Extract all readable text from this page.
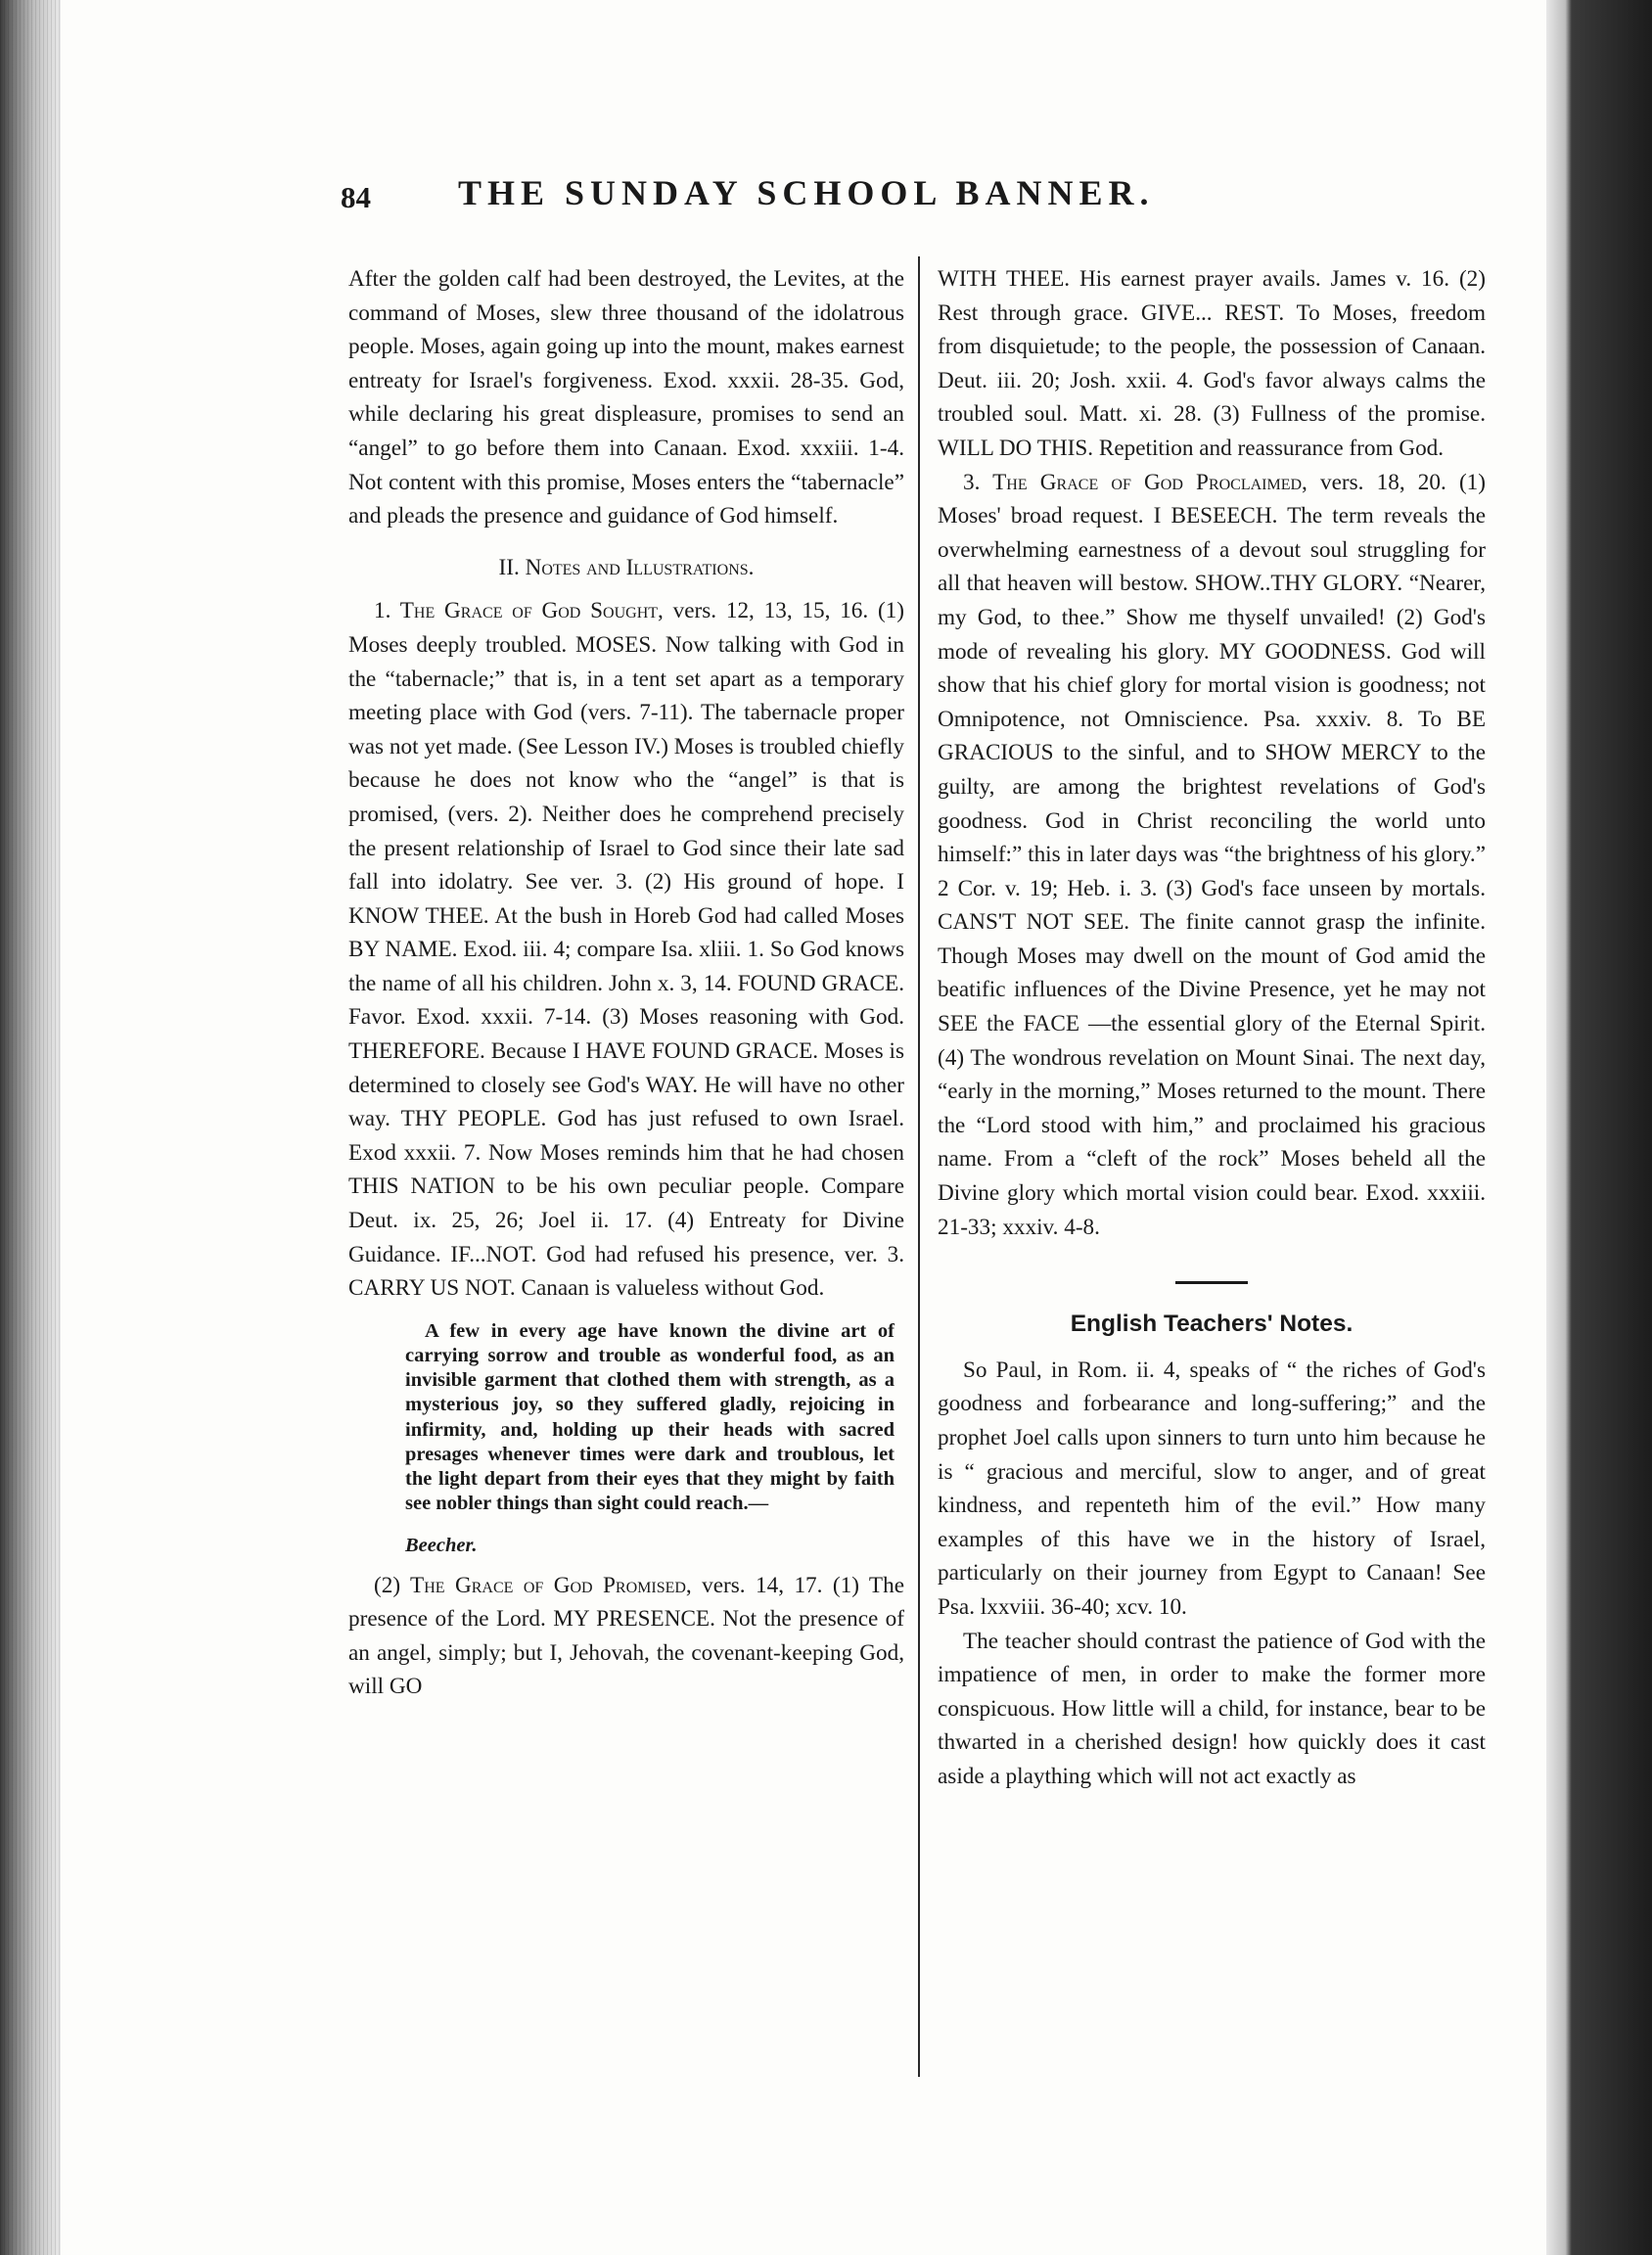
84 THE SUNDAY SCHOOL BANNER.

After the golden calf had been destroyed, the Levites, at the command of Moses, slew three thousand of the idolatrous people. Moses, again going up into the mount, makes earnest entreaty for Israel's forgiveness. Exod. xxxii. 28-35. God, while declaring his great displeasure, promises to send an “angel” to go before them into Canaan. Exod. xxxiii. 1-4. Not content with this promise, Moses enters the “tabernacle” and pleads the presence and guidance of God himself.

II. Notes and Illustrations.

1. The Grace of God Sought, vers. 12, 13, 15, 16. (1) Moses deeply troubled. MOSES. Now talking with God in the “tabernacle;” that is, in a tent set apart as a temporary meeting place with God (vers. 7-11). The tabernacle proper was not yet made. (See Lesson IV.) Moses is troubled chiefly because he does not know who the “angel” is that is promised, (vers. 2). Neither does he comprehend precisely the present relationship of Israel to God since their late sad fall into idolatry. See ver. 3. (2) His ground of hope. I KNOW THEE. At the bush in Horeb God had called Moses BY NAME. Exod. iii. 4; compare Isa. xliii. 1. So God knows the name of all his children. John x. 3, 14. FOUND GRACE. Favor. Exod. xxxii. 7-14. (3) Moses reasoning with God. THEREFORE. Because I HAVE FOUND GRACE. Moses is determined to closely see God's WAY. He will have no other way. THY PEOPLE. God has just refused to own Israel. Exod xxxii. 7. Now Moses reminds him that he had chosen THIS NATION to be his own peculiar people. Compare Deut. ix. 25, 26; Joel ii. 17. (4) Entreaty for Divine Guidance. IF...NOT. God had refused his presence, ver. 3. CARRY US NOT. Canaan is valueless without God.

A few in every age have known the divine art of carrying sorrow and trouble as wonderful food, as an invisible garment that clothed them with strength, as a mysterious joy, so they suffered gladly, rejoicing in infirmity, and, holding up their heads with sacred presages whenever times were dark and troublous, let the light depart from their eyes that they might by faith see nobler things than sight could reach.—

Beecher.

(2) The Grace of God Promised, vers. 14, 17. (1) The presence of the Lord. MY PRESENCE. Not the presence of an angel, simply; but I, Jehovah, the covenant-keeping God, will GO

WITH THEE. His earnest prayer avails. James v. 16. (2) Rest through grace. GIVE... REST. To Moses, freedom from disquietude; to the people, the possession of Canaan. Deut. iii. 20; Josh. xxii. 4. God's favor always calms the troubled soul. Matt. xi. 28. (3) Fullness of the promise. WILL DO THIS. Repetition and reassurance from God.

3. The Grace of God Proclaimed, vers. 18, 20. (1) Moses' broad request. I BESEECH. The term reveals the overwhelming earnestness of a devout soul struggling for all that heaven will bestow. SHOW..THY GLORY. “Nearer, my God, to thee.” Show me thyself unvailed! (2) God's mode of revealing his glory. MY GOODNESS. God will show that his chief glory for mortal vision is goodness; not Omnipotence, not Omniscience. Psa. xxxiv. 8. To BE GRACIOUS to the sinful, and to SHOW MERCY to the guilty, are among the brightest revelations of God's goodness. God in Christ reconciling the world unto himself:” this in later days was “the brightness of his glory.” 2 Cor. v. 19; Heb. i. 3. (3) God's face unseen by mortals. CANS'T NOT SEE. The finite cannot grasp the infinite. Though Moses may dwell on the mount of God amid the beatific influences of the Divine Presence, yet he may not SEE the FACE —the essential glory of the Eternal Spirit. (4) The wondrous revelation on Mount Sinai. The next day, “early in the morning,” Moses returned to the mount. There the “Lord stood with him,” and proclaimed his gracious name. From a “cleft of the rock” Moses beheld all the Divine glory which mortal vision could bear. Exod. xxxiii. 21-33; xxxiv. 4-8.

English Teachers' Notes.

So Paul, in Rom. ii. 4, speaks of “ the riches of God's goodness and forbearance and long-suffering;” and the prophet Joel calls upon sinners to turn unto him because he is “ gracious and merciful, slow to anger, and of great kindness, and repenteth him of the evil.” How many examples of this have we in the history of Israel, particularly on their journey from Egypt to Canaan! See Psa. lxxviii. 36-40; xcv. 10.

The teacher should contrast the patience of God with the impatience of men, in order to make the former more conspicuous. How little will a child, for instance, bear to be thwarted in a cherished design! how quickly does it cast aside a plaything which will not act exactly as
